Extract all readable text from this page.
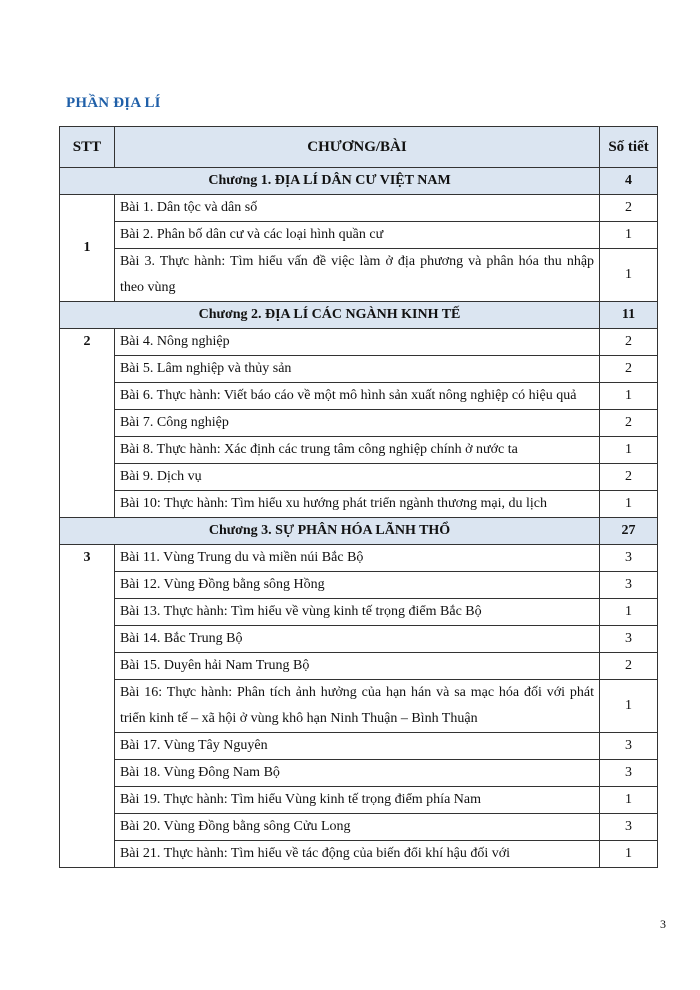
PHẦN ĐỊA LÍ
STT	CHƯƠNG/BÀI	Số tiết
Chương 1. ĐỊA LÍ DÂN CƯ VIỆT NAM		4
1	Bài 1. Dân tộc và dân số	2
	Bài 2. Phân bố dân cư và các loại hình quần cư	1
	Bài 3. Thực hành: Tìm hiểu vấn đề việc làm ở địa phương và phân hóa thu nhập theo vùng	1
Chương 2. ĐỊA LÍ CÁC NGÀNH KINH TẾ		11
2	Bài 4. Nông nghiệp	2
	Bài 5. Lâm nghiệp và thủy sản	2
	Bài 6. Thực hành: Viết báo cáo về một mô hình sản xuất nông nghiệp có hiệu quả	1
	Bài 7. Công nghiệp	2
	Bài 8. Thực hành: Xác định các trung tâm công nghiệp chính ở nước ta	1
	Bài 9. Dịch vụ	2
	Bài 10: Thực hành: Tìm hiểu xu hướng phát triển ngành thương mại, du lịch	1
Chương 3. SỰ PHÂN HÓA LÃNH THỔ		27
3	Bài 11. Vùng Trung du và miền núi Bắc Bộ	3
	Bài 12. Vùng Đồng bằng sông Hồng	3
	Bài 13. Thực hành: Tìm hiểu về vùng kinh tế trọng điểm Bắc Bộ	1
	Bài 14. Bắc Trung Bộ	3
	Bài 15. Duyên hải Nam Trung Bộ	2
	Bài 16: Thực hành: Phân tích ảnh hưởng của hạn hán và sa mạc hóa đối với phát triển kinh tế – xã hội ở vùng khô hạn Ninh Thuận – Bình Thuận	1
	Bài 17. Vùng Tây Nguyên	3
	Bài 18. Vùng Đông Nam Bộ	3
	Bài 19. Thực hành: Tìm hiểu Vùng kinh tế trọng điểm phía Nam	1
	Bài 20. Vùng Đồng bằng sông Cửu Long	3
	Bài 21. Thực hành: Tìm hiểu về tác động của biến đổi khí hậu đối với	1
3
